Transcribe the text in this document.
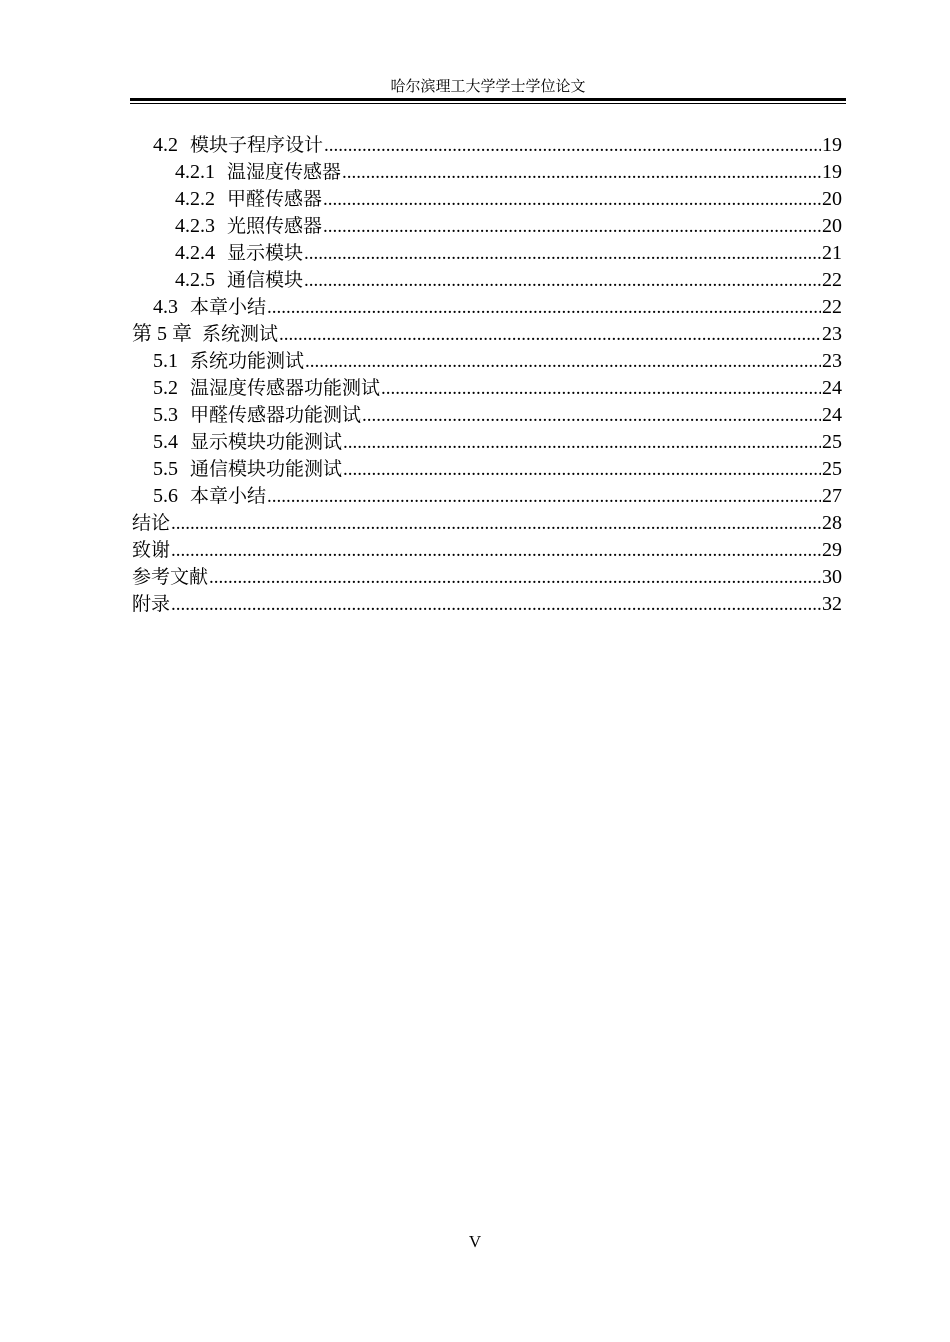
哈尔滨理工大学学士学位论文
4.2 模块子程序设计 .....	19
4.2.1 温湿度传感器 .....	19
4.2.2 甲醛传感器 .....	20
4.2.3 光照传感器 .....	20
4.2.4 显示模块 .....	21
4.2.5 通信模块 .....	22
4.3 本章小结 .....	22
第 5 章 系统测试 .....	23
5.1 系统功能测试 .....	23
5.2 温湿度传感器功能测试 .....	24
5.3 甲醛传感器功能测试 .....	24
5.4 显示模块功能测试 .....	25
5.5 通信模块功能测试 .....	25
5.6 本章小结 .....	27
结论 .....	28
致谢 .....	29
参考文献 .....	30
附录 .....	32
V
